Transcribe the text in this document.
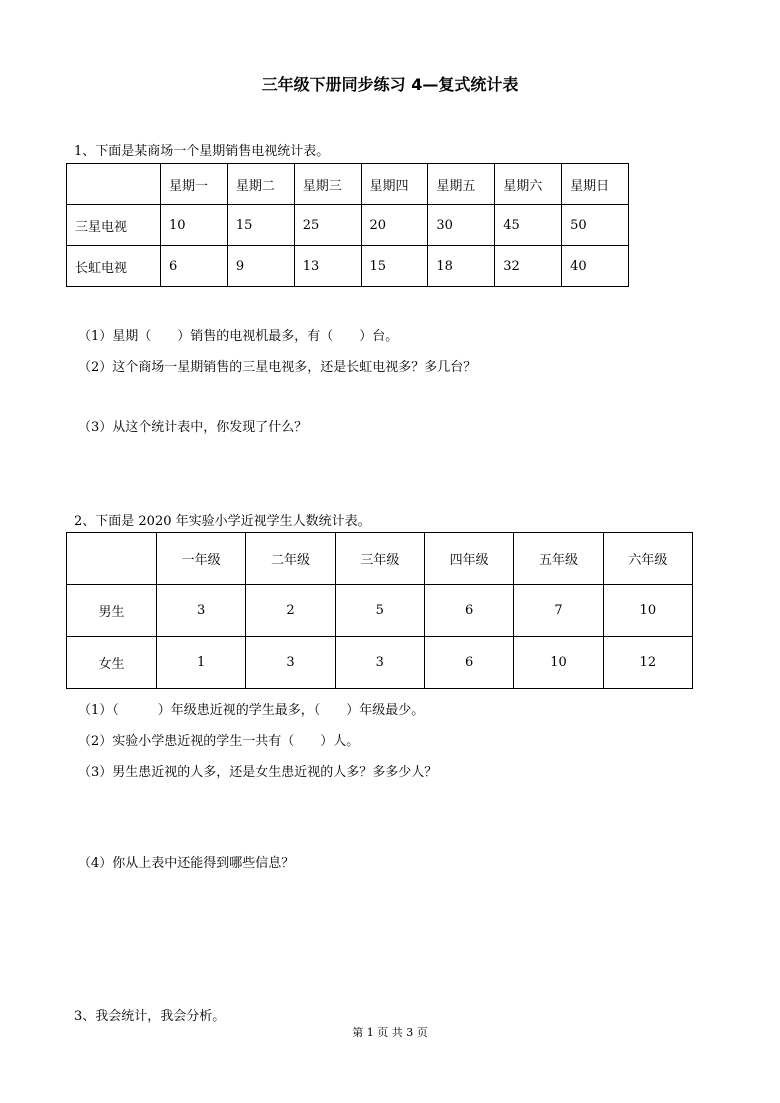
三年级下册同步练习 4—复式统计表
1、下面是某商场一个星期销售电视统计表。
	星期一	星期二	星期三	星期四	星期五	星期六	星期日
三星电视	10	15	25	20	30	45	50
长虹电视	6	9	13	15	18	32	40
（1）星期（　　）销售的电视机最多，有（　　）台。
（2）这个商场一星期销售的三星电视多，还是长虹电视多？多几台？
（3）从这个统计表中，你发现了什么？
2、下面是 2020 年实验小学近视学生人数统计表。
	一年级	二年级	三年级	四年级	五年级	六年级
男生	3	2	5	6	7	10
女生	1	3	3	6	10	12
（1）（　　　）年级患近视的学生最多，（　　）年级最少。
（2）实验小学患近视的学生一共有（　　）人。
（3）男生患近视的人多，还是女生患近视的人多？多多少人？
（4）你从上表中还能得到哪些信息？
3、我会统计，我会分析。
第 1 页 共 3 页
